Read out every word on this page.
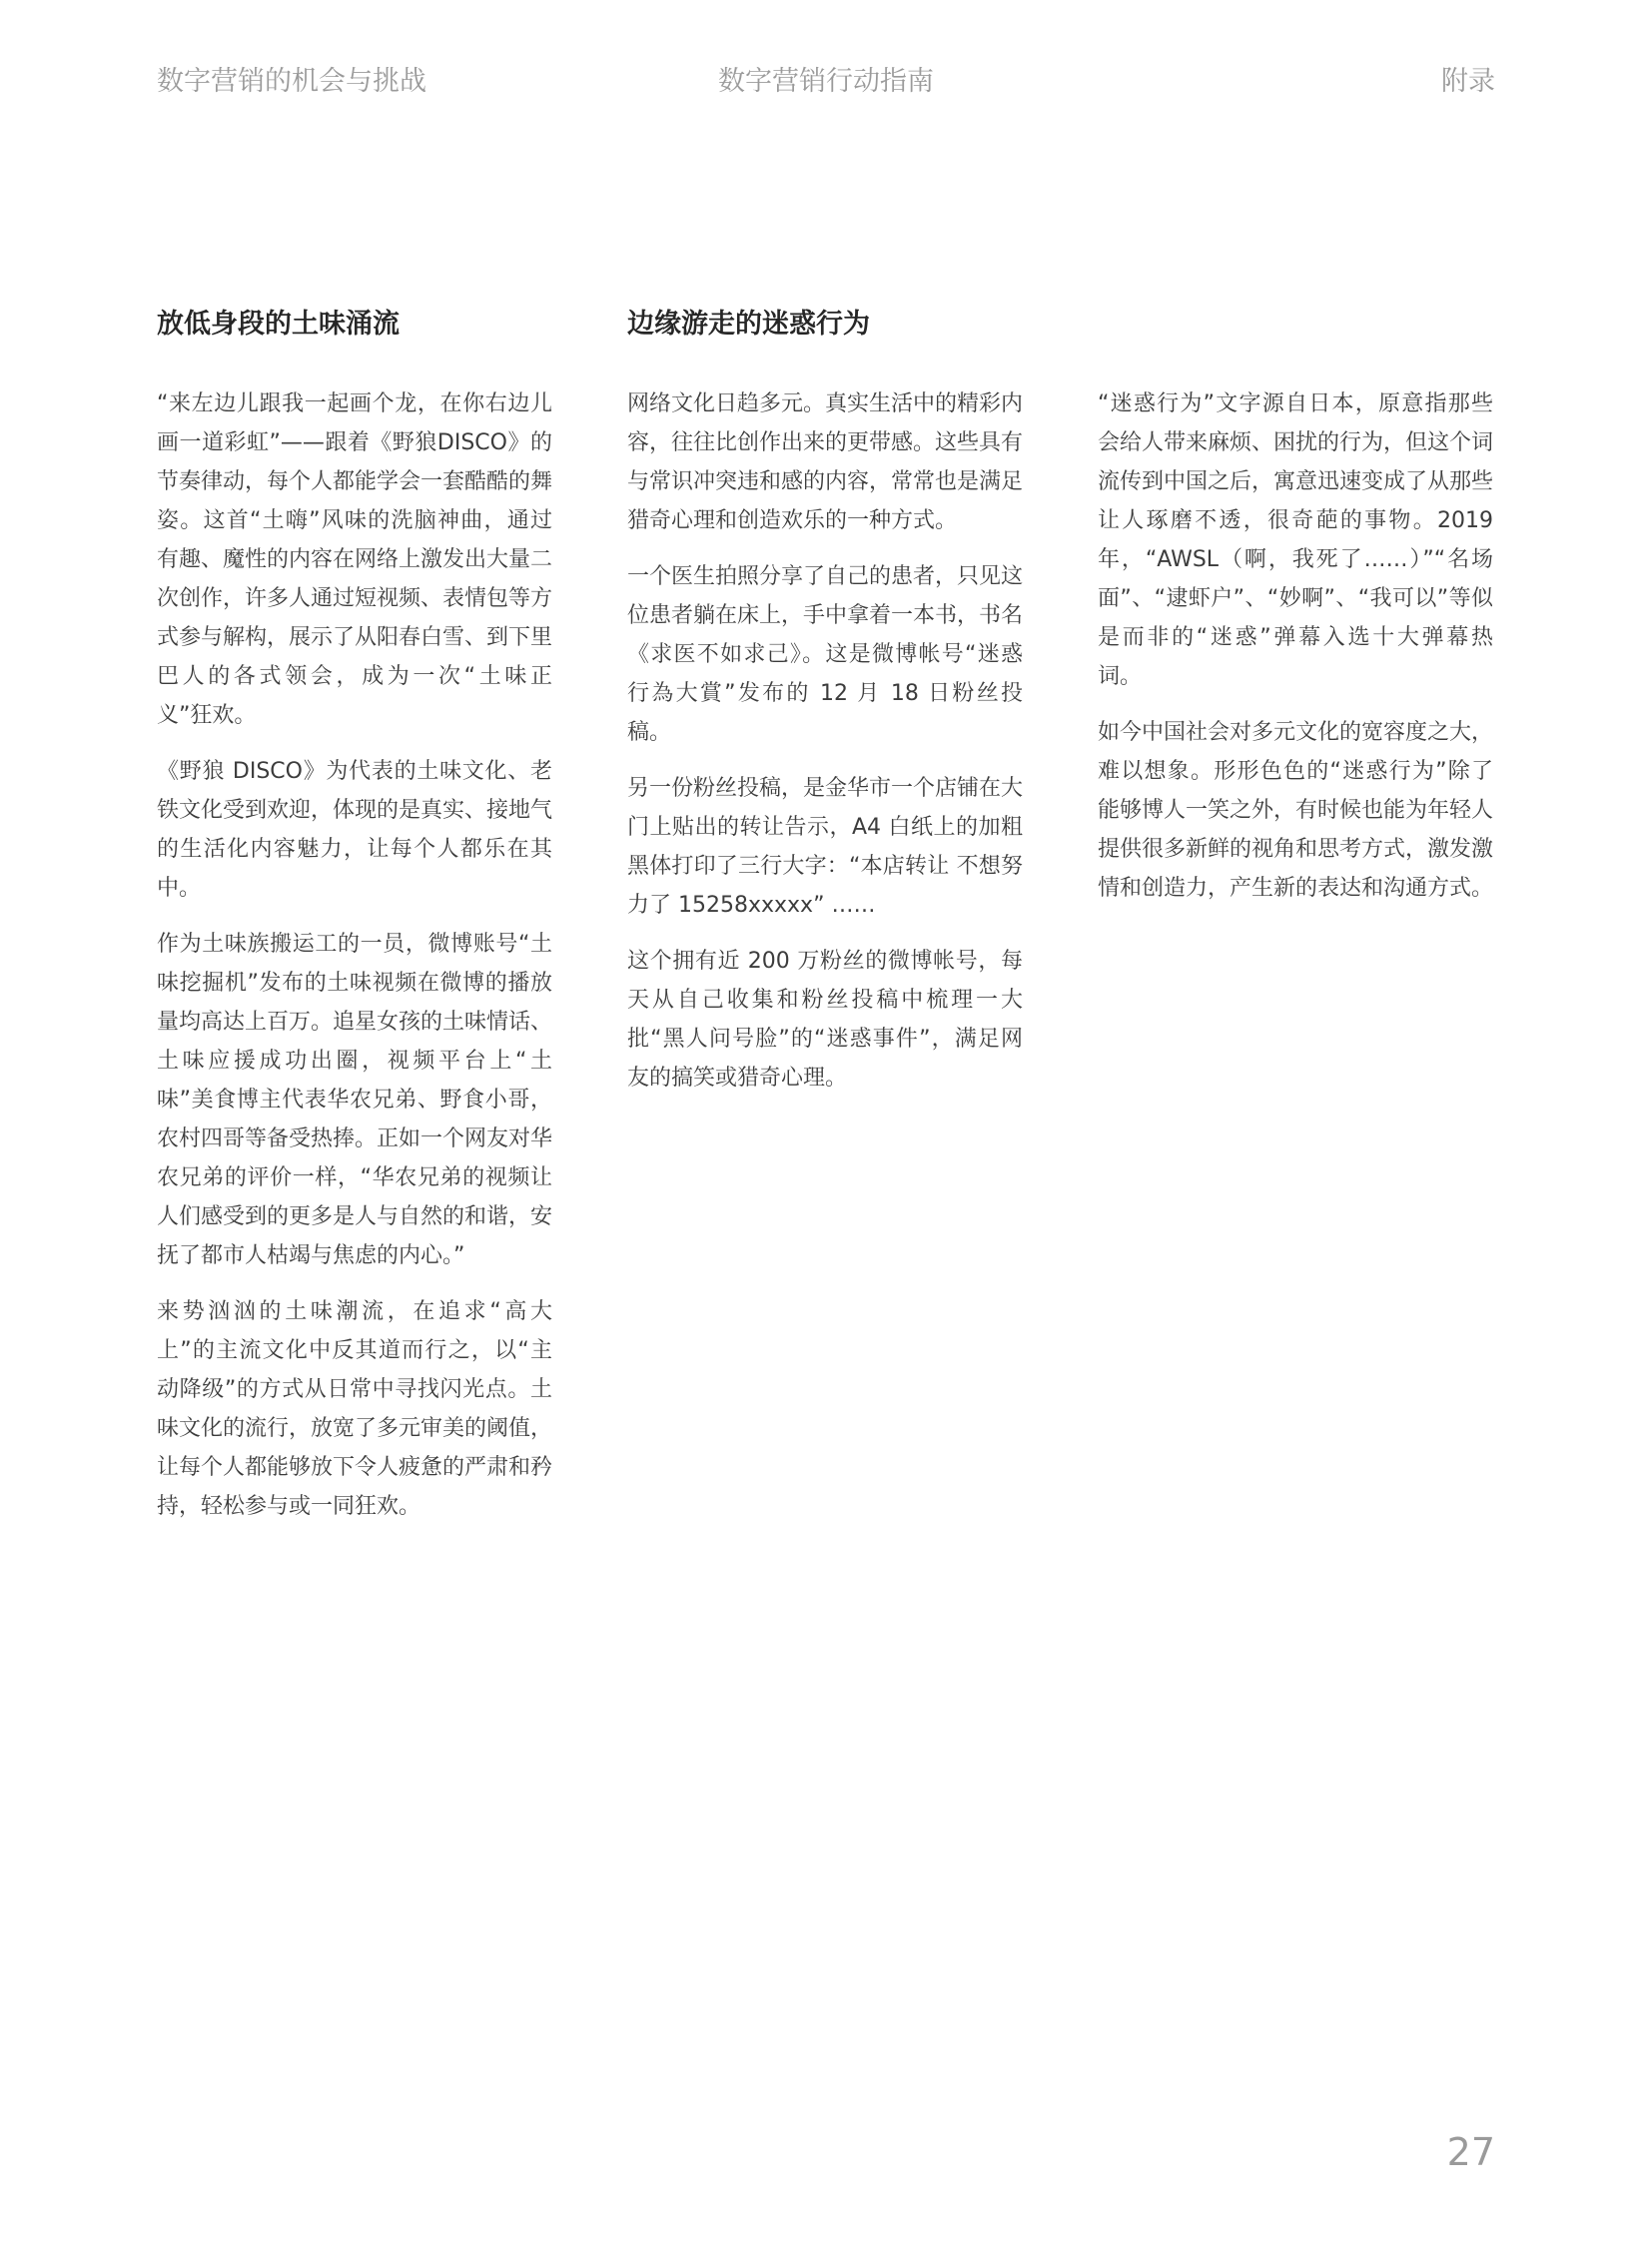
数字营销的机会与挑战	数字营销行动指南	附录
放低身段的土味涌流

“来左边儿跟我一起画个龙，在你右边儿画一道彩虹”——跟着《野狼DISCO》的节奏律动，每个人都能学会一套酷酷的舞姿。这首“土嗨”风味的洗脑神曲，通过有趣、魔性的内容在网络上激发出大量二次创作，许多人通过短视频、表情包等方式参与解构，展示了从阳春白雪、到下里巴人的各式领会，成为一次“土味正义”狂欢。

《野狼 DISCO》为代表的土味文化、老铁文化受到欢迎，体现的是真实、接地气的生活化内容魅力，让每个人都乐在其中。

作为土味族搬运工的一员，微博账号“土味挖掘机”发布的土味视频在微博的播放量均高达上百万。追星女孩的土味情话、土味应援成功出圈，视频平台上“土味”美食博主代表华农兄弟、野食小哥，农村四哥等备受热捧。正如一个网友对华农兄弟的评价一样，“华农兄弟的视频让人们感受到的更多是人与自然的和谐，安抚了都市人枯竭与焦虑的内心。”

来势汹汹的土味潮流，在追求“高大上”的主流文化中反其道而行之，以“主动降级”的方式从日常中寻找闪光点。土味文化的流行，放宽了多元审美的阈值，让每个人都能够放下令人疲惫的严肃和矜持，轻松参与或一同狂欢。

边缘游走的迷惑行为

网络文化日趋多元。真实生活中的精彩内容，往往比创作出来的更带感。这些具有与常识冲突违和感的内容，常常也是满足猎奇心理和创造欢乐的一种方式。

一个医生拍照分享了自己的患者，只见这位患者躺在床上，手中拿着一本书，书名《求医不如求己》。这是微博帐号“迷惑行為大賞”发布的 12 月 18 日粉丝投稿。

另一份粉丝投稿，是金华市一个店铺在大门上贴出的转让告示，A4 白纸上的加粗黑体打印了三行大字：“本店转让 不想努力了 15258xxxxx” ……

这个拥有近 200 万粉丝的微博帐号，每天从自己收集和粉丝投稿中梳理一大批“黑人问号脸”的“迷惑事件”，满足网友的搞笑或猎奇心理。

“迷惑行为”文字源自日本，原意指那些会给人带来麻烦、困扰的行为，但这个词流传到中国之后，寓意迅速变成了从那些让人琢磨不透，很奇葩的事物。2019 年，“AWSL（啊，我死了……）”“名场面”、“逮虾户”、“妙啊”、“我可以”等似是而非的“迷惑”弹幕入选十大弹幕热词。

如今中国社会对多元文化的宽容度之大，难以想象。形形色色的“迷惑行为”除了能够博人一笑之外，有时候也能为年轻人提供很多新鲜的视角和思考方式，激发激情和创造力，产生新的表达和沟通方式。

27
